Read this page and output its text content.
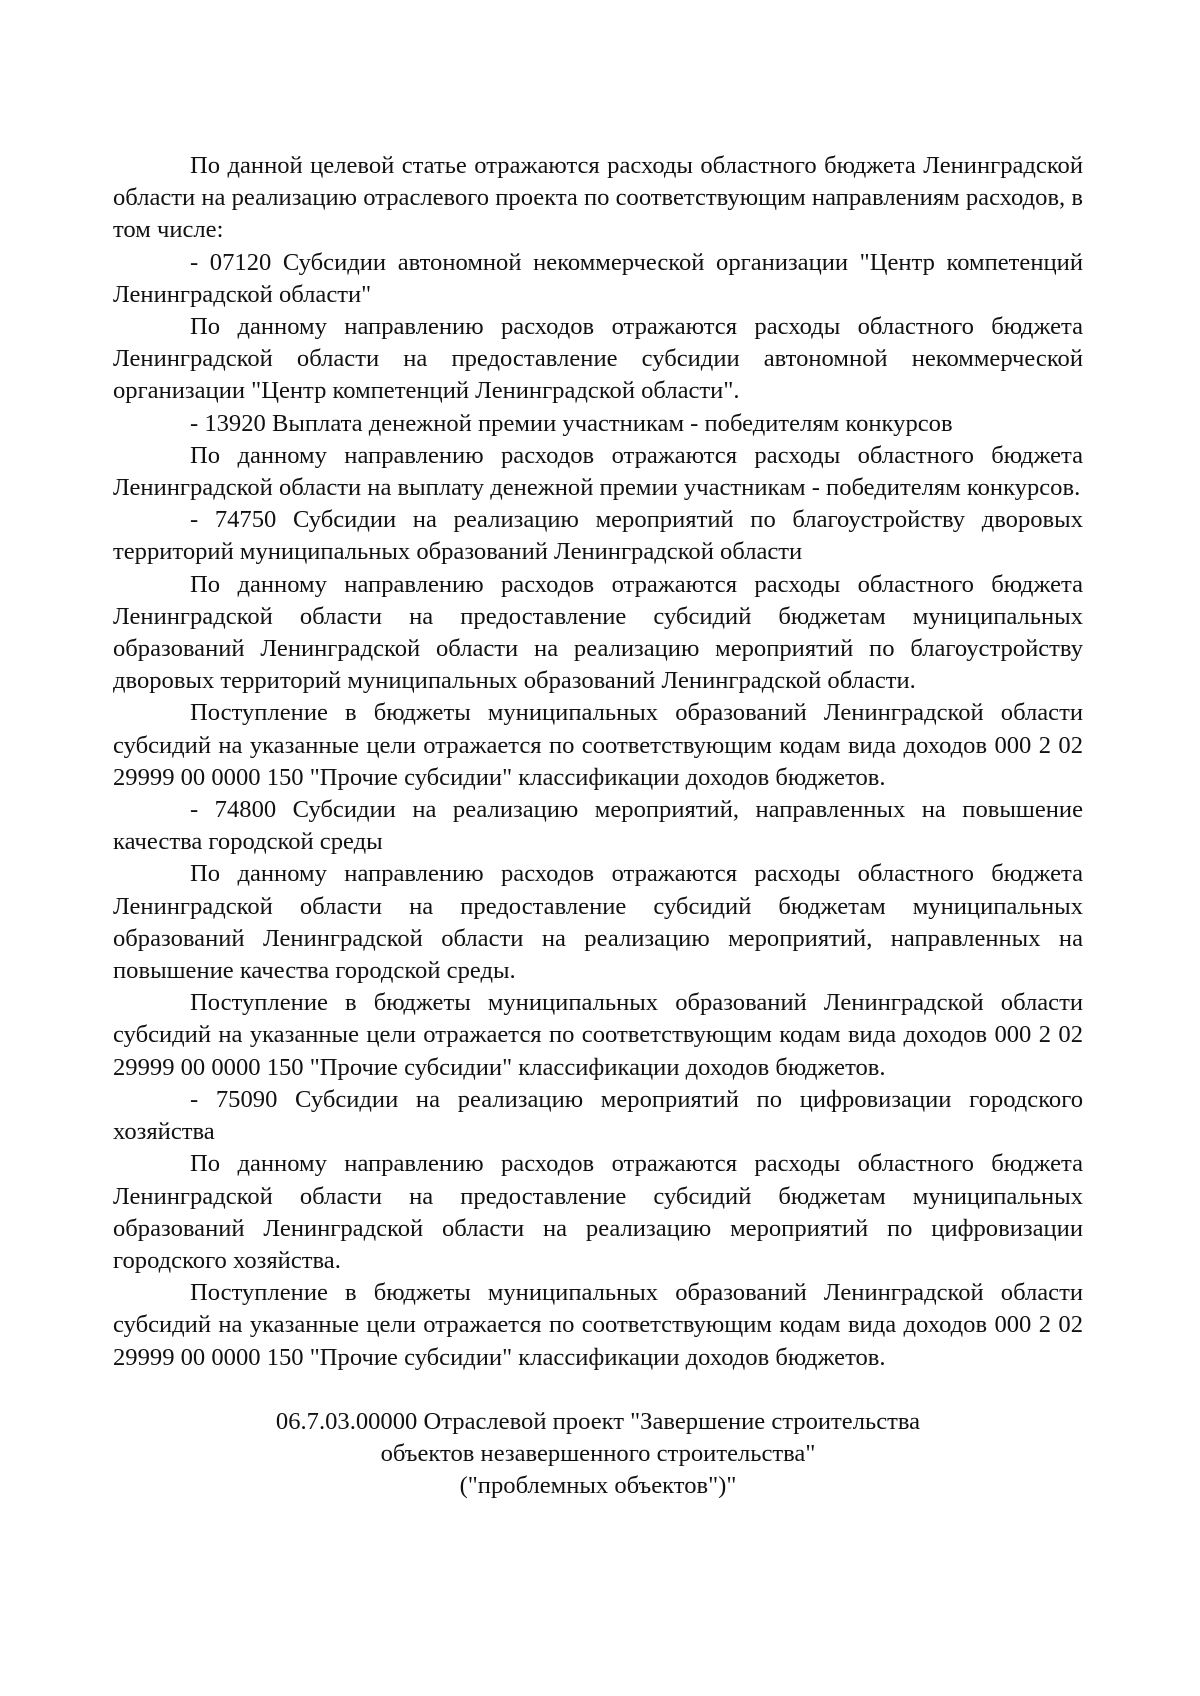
По данной целевой статье отражаются расходы областного бюджета Ленинградской области на реализацию отраслевого проекта по соответствующим направлениям расходов, в том числе:

- 07120 Субсидии автономной некоммерческой организации "Центр компетенций Ленинградской области"

По данному направлению расходов отражаются расходы областного бюджета Ленинградской области на предоставление субсидии автономной некоммерческой организации "Центр компетенций Ленинградской области".

- 13920 Выплата денежной премии участникам - победителям конкурсов

По данному направлению расходов отражаются расходы областного бюджета Ленинградской области на выплату денежной премии участникам - победителям конкурсов.

- 74750 Субсидии на реализацию мероприятий по благоустройству дворовых территорий муниципальных образований Ленинградской области

По данному направлению расходов отражаются расходы областного бюджета Ленинградской области на предоставление субсидий бюджетам муниципальных образований Ленинградской области на реализацию мероприятий по благоустройству дворовых территорий муниципальных образований Ленинградской области.

Поступление в бюджеты муниципальных образований Ленинградской области субсидий на указанные цели отражается по соответствующим кодам вида доходов 000 2 02 29999 00 0000 150 "Прочие субсидии" классификации доходов бюджетов.

- 74800 Субсидии на реализацию мероприятий, направленных на повышение качества городской среды

По данному направлению расходов отражаются расходы областного бюджета Ленинградской области на предоставление субсидий бюджетам муниципальных образований Ленинградской области на реализацию мероприятий, направленных на повышение качества городской среды.

Поступление в бюджеты муниципальных образований Ленинградской области субсидий на указанные цели отражается по соответствующим кодам вида доходов 000 2 02 29999 00 0000 150 "Прочие субсидии" классификации доходов бюджетов.

- 75090 Субсидии на реализацию мероприятий по цифровизации городского хозяйства

По данному направлению расходов отражаются расходы областного бюджета Ленинградской области на предоставление субсидий бюджетам муниципальных образований Ленинградской области на реализацию мероприятий по цифровизации городского хозяйства.

Поступление в бюджеты муниципальных образований Ленинградской области субсидий на указанные цели отражается по соответствующим кодам вида доходов 000 2 02 29999 00 0000 150 "Прочие субсидии" классификации доходов бюджетов.

06.7.03.00000 Отраслевой проект "Завершение строительства
объектов незавершенного строительства"
("проблемных объектов")"
